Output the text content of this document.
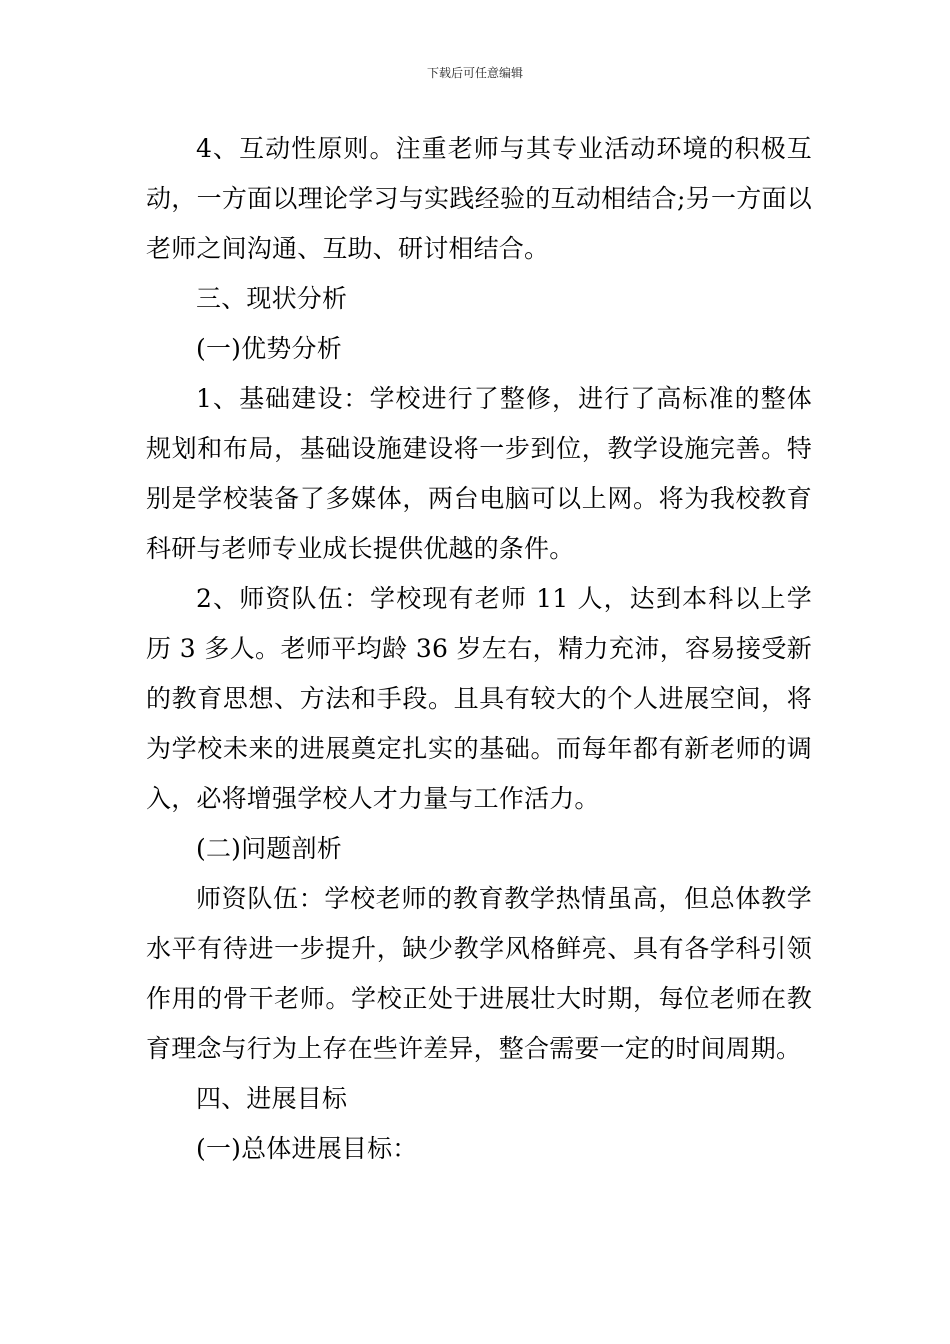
下载后可任意编辑

4、互动性原则。注重老师与其专业活动环境的积极互动，一方面以理论学习与实践经验的互动相结合;另一方面以老师之间沟通、互助、研讨相结合。

三、现状分析

(一)优势分析

1、基础建设：学校进行了整修，进行了高标准的整体规划和布局，基础设施建设将一步到位，教学设施完善。特别是学校装备了多媒体，两台电脑可以上网。将为我校教育科研与老师专业成长提供优越的条件。

2、师资队伍：学校现有老师 11 人，达到本科以上学历 3 多人。老师平均龄 36 岁左右，精力充沛，容易接受新的教育思想、方法和手段。且具有较大的个人进展空间，将为学校未来的进展奠定扎实的基础。而每年都有新老师的调入，必将增强学校人才力量与工作活力。

(二)问题剖析

师资队伍：学校老师的教育教学热情虽高，但总体教学水平有待进一步提升，缺少教学风格鲜亮、具有各学科引领作用的骨干老师。学校正处于进展壮大时期，每位老师在教育理念与行为上存在些许差异，整合需要一定的时间周期。

四、进展目标

(一)总体进展目标：
